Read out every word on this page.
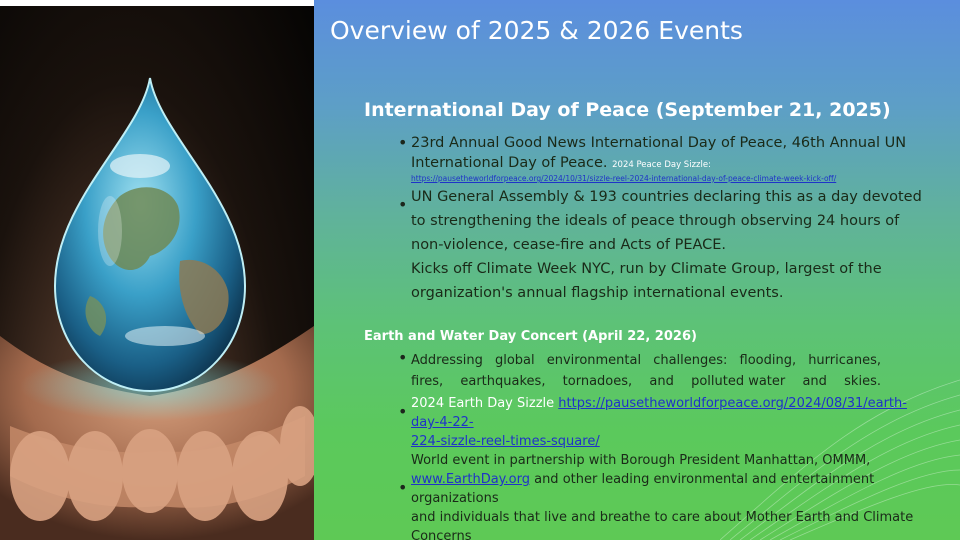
Overview of 2025 & 2026 Events
International Day of Peace (September 21, 2025)
•
23rd Annual Good News International Day of Peace, 46th Annual UN
International Day of Peace. 2024 Peace Day Sizzle:
https://pausetheworldforpeace.org/2024/10/31/sizzle-reel-2024-international-day-of-peace-climate-week-kick-off/
•
UN General Assembly & 193 countries declaring this as a day devoted
to strengthening the ideals of peace through observing 24 hours of
non-violence, cease-fire and Acts of PEACE.
Kicks off Climate Week NYC, run by Climate Group, largest of the
organization's annual flagship international events.
Earth and Water Day Concert (April 22, 2026)
•
Addressing global environmental challenges: flooding, hurricanes,
fires, earthquakes, tornadoes, and polluted water and skies.
•
2024 Earth Day Sizzle https://pausetheworldforpeace.org/2024/08/31/earth-day-4-22-
224-sizzle-reel-times-square/
World event in partnership with Borough President Manhattan, OMMM,
www.EarthDay.org and other leading environmental and entertainment organizations
and individuals that live and breathe to care about Mother Earth and Climate Concerns
•
